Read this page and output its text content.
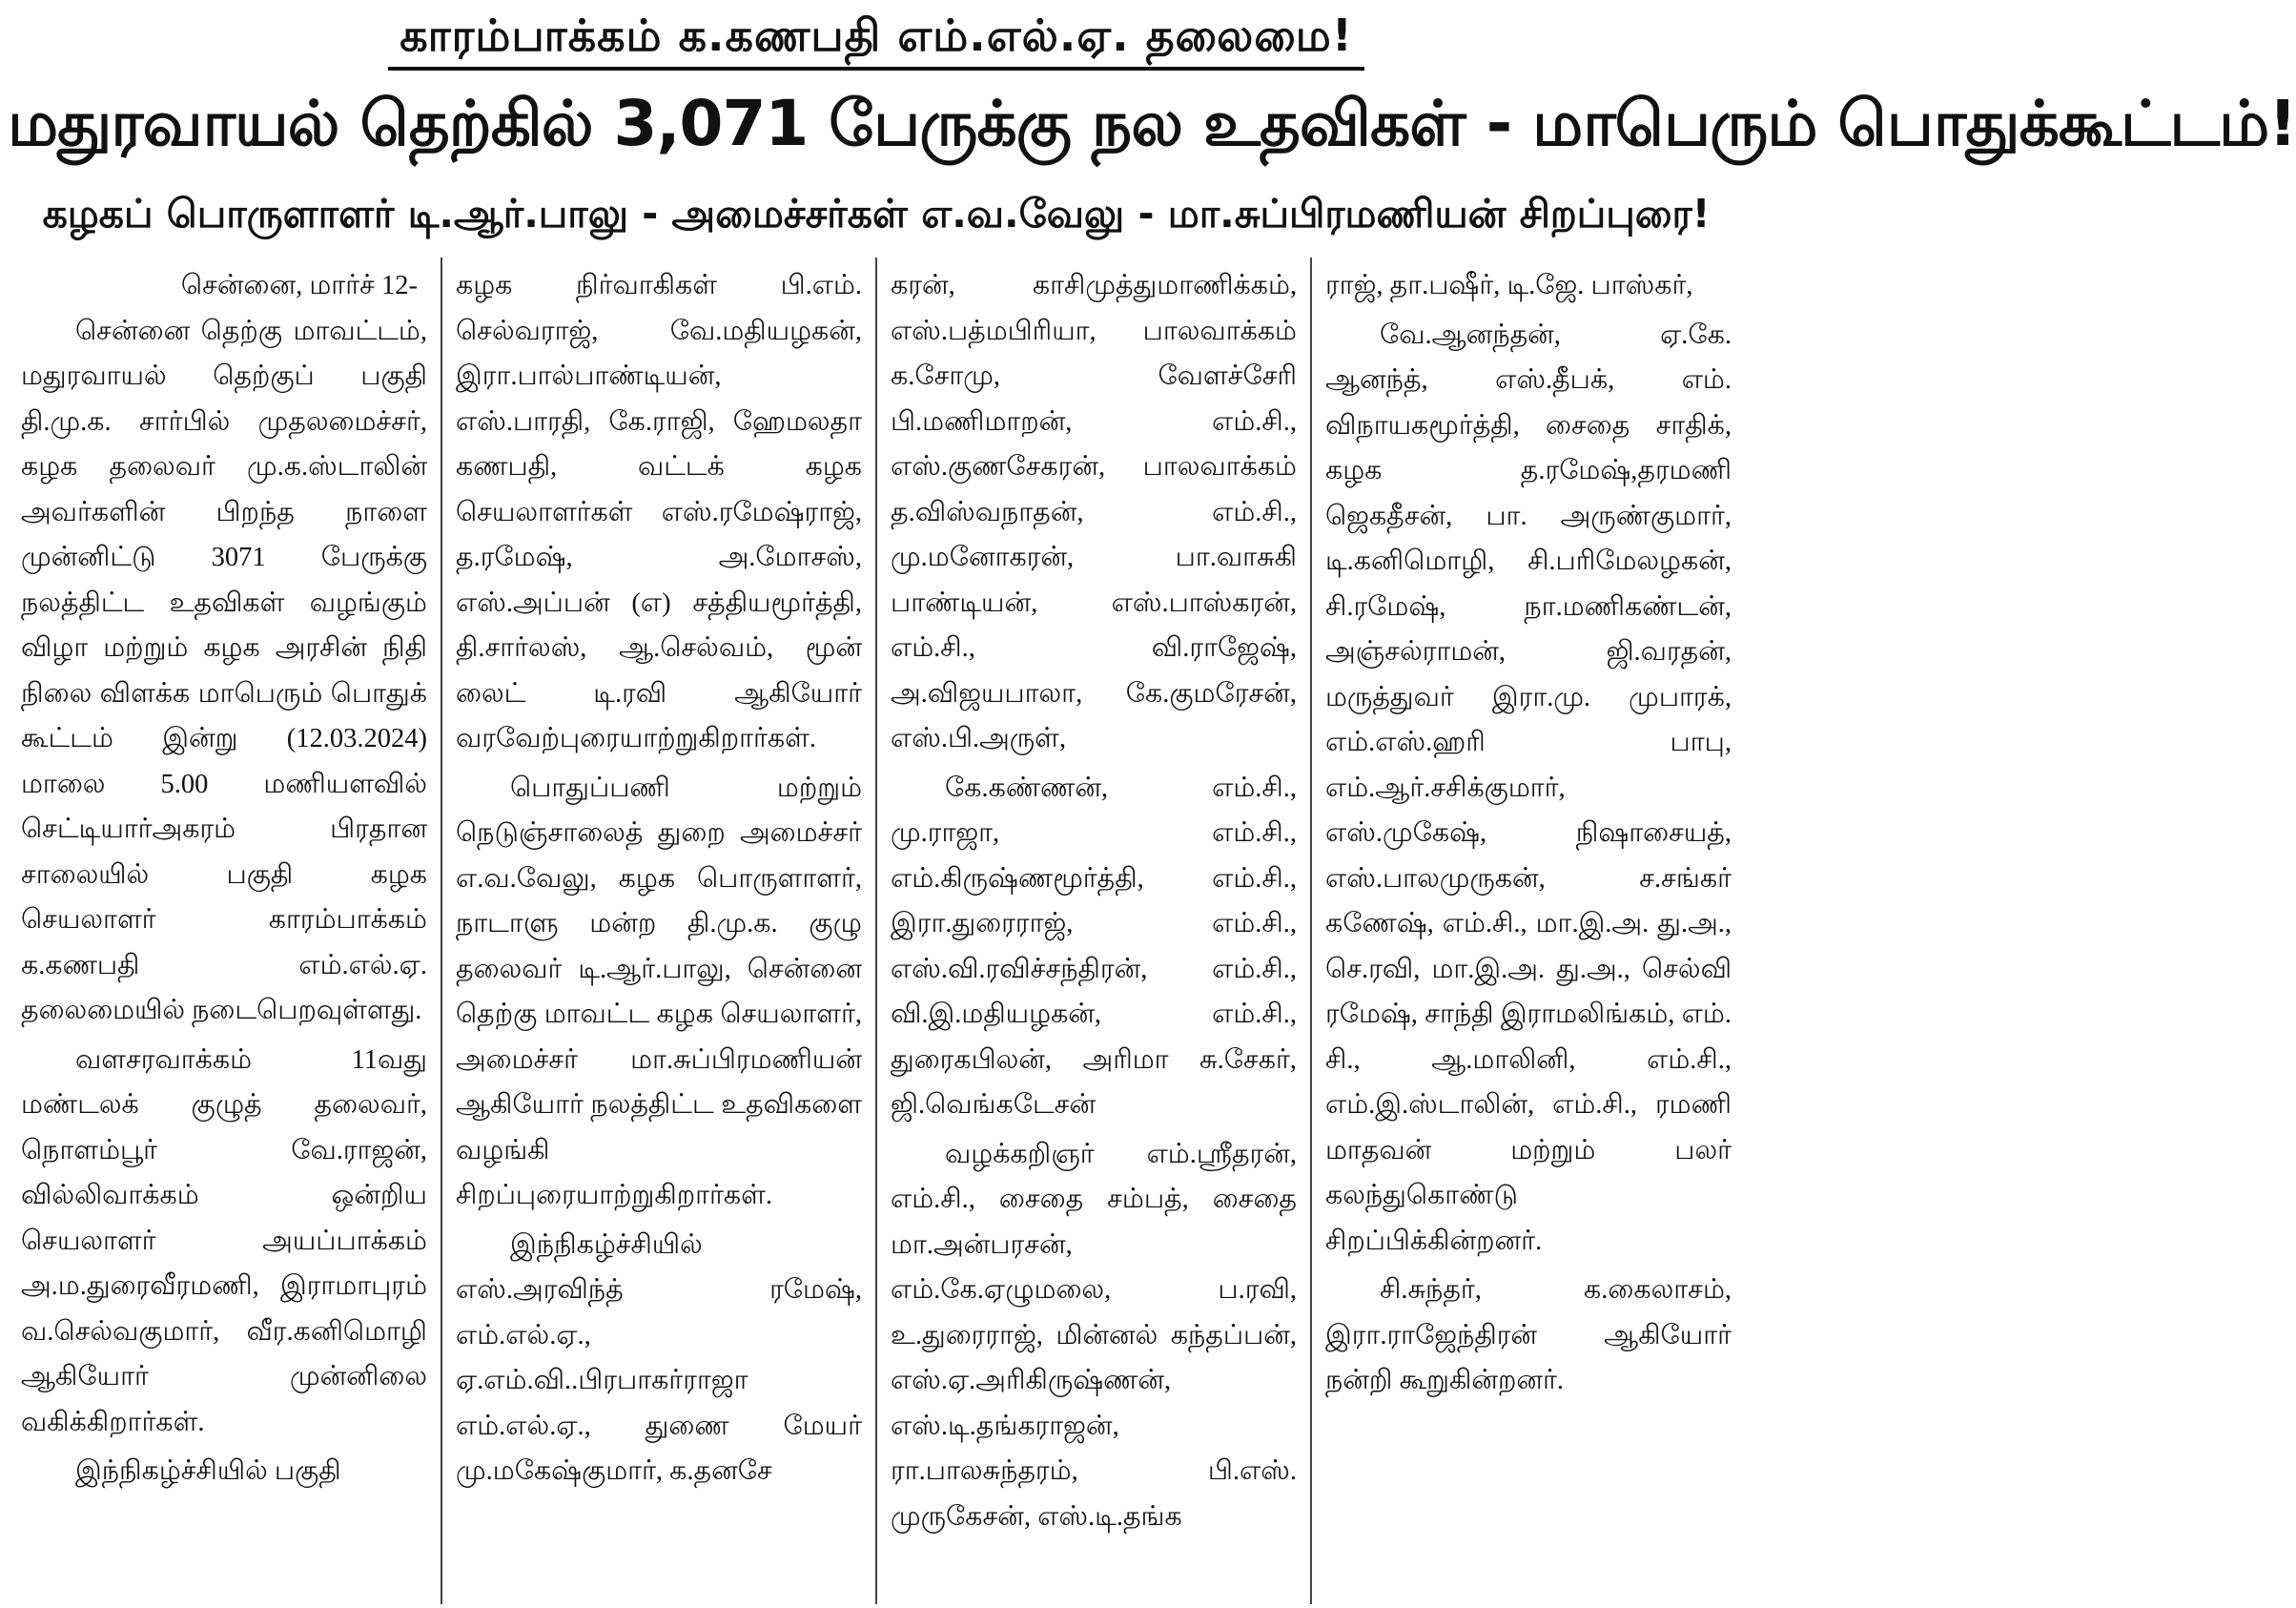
காரம்பாக்கம் க.கணபதி எம்.எல்.ஏ. தலைமை!
மதுரவாயல் தெற்கில் 3,071 பேருக்கு நல உதவிகள் - மாபெரும் பொதுக்கூட்டம்!
கழகப் பொருளாளர் டி.ஆர்.பாலு - அமைச்சர்கள் எ.வ.வேலு - மா.சுப்பிரமணியன் சிறப்புரை!
சென்னை, மார்ச் 12-

சென்னை தெற்கு மாவட்டம், மதுரவாயல் தெற்குப் பகுதி தி.மு.க. சார்பில் முதலமைச்சர், கழக தலைவர் மு.க.ஸ்டாலின் அவர்களின் பிறந்த நாளை முன்னிட்டு 3071 பேருக்கு நலத்திட்ட உதவிகள் வழங்கும் விழா மற்றும் கழக அரசின் நிதி நிலை விளக்க மாபெரும் பொதுக் கூட்டம் இன்று (12.03.2024) மாலை 5.00 மணியளவில் செட்டியார்அகரம் பிரதான சாலையில் பகுதி கழக செயலாளர் காரம்பாக்கம் க.கணபதி எம்.எல்.ஏ. தலைமையில் நடைபெறவுள்ளது.

வளசரவாக்கம் 11வது மண்டலக் குழுத் தலைவர், நொளம்பூர் வே.ராஜன், வில்லிவாக்கம் ஒன்றிய செயலாளர் அயப்பாக்கம் அ.ம.துரைவீரமணி, இராமாபுரம் வ.செல்வகுமார், வீர.கனிமொழி ஆகியோர் முன்னிலை வகிக்கிறார்கள்.

இந்நிகழ்ச்சியில் பகுதி

கழக நிர்வாகிகள் பி.எம். செல்வராஜ், வே.மதியழகன், இரா.பால்பாண்டியன், எஸ்.பாரதி, கே.ராஜி, ஹேமலதா கணபதி, வட்டக் கழக செயலாளர்கள் எஸ்.ரமேஷ்ராஜ், த.ரமேஷ், அ.மோசஸ், எஸ்.அப்பன் (எ) சத்தியமூர்த்தி, தி.சார்லஸ், ஆ.செல்வம், மூன் லைட் டி.ரவி ஆகியோர் வரவேற்புரையாற்றுகிறார்கள்.

பொதுப்பணி மற்றும் நெடுஞ்சாலைத் துறை அமைச்சர் எ.வ.வேலு, கழக பொருளாளர், நாடாளு மன்ற தி.மு.க. குழு தலைவர் டி.ஆர்.பாலு, சென்னை தெற்கு மாவட்ட கழக செயலாளர், அமைச்சர் மா.சுப்பிரமணியன் ஆகியோர் நலத்திட்ட உதவிகளை வழங்கி சிறப்புரையாற்றுகிறார்கள்.

இந்நிகழ்ச்சியில் எஸ்.அரவிந்த் ரமேஷ், எம்.எல்.ஏ., ஏ.எம்.வி..பிரபாகர்ராஜா எம்.எல்.ஏ., துணை மேயர் மு.மகேஷ்குமார், க.தனசே

கரன், காசிமுத்துமாணிக்கம், எஸ்.பத்மபிரியா, பாலவாக்கம் க.சோமு, வேளச்சேரி பி.மணிமாறன், எம்.சி., எஸ்.குணசேகரன், பாலவாக்கம் த.விஸ்வநாதன், எம்.சி., மு.மனோகரன், பா.வாசுகி பாண்டியன், எஸ்.பாஸ்கரன், எம்.சி., வி.ராஜேஷ், அ.விஜயபாலா, கே.குமரேசன், எஸ்.பி.அருள்,

கே.கண்ணன், எம்.சி., மு.ராஜா, எம்.சி., எம்.கிருஷ்ணமூர்த்தி, எம்.சி., இரா.துரைராஜ், எம்.சி., எஸ்.வி.ரவிச்சந்திரன், எம்.சி., வி.இ.மதியழகன், எம்.சி., துரைகபிலன், அரிமா சு.சேகர், ஜி.வெங்கடேசன்

வழக்கறிஞர் எம்.ஸ்ரீதரன், எம்.சி., சைதை சம்பத், சைதை மா.அன்பரசன், எம்.கே.ஏழுமலை, ப.ரவி, உ.துரைராஜ், மின்னல் கந்தப்பன், எஸ்.ஏ.அரிகிருஷ்ணன், எஸ்.டி.தங்கராஜன், ரா.பாலசுந்தரம், பி.எஸ். முருகேசன், எஸ்.டி.தங்க

ராஜ், தா.பஷீர், டி.ஜே. பாஸ்கர்,

வே.ஆனந்தன், ஏ.கே. ஆனந்த், எஸ்.தீபக், எம். விநாயகமூர்த்தி, சைதை சாதிக், கழக த.ரமேஷ்,தரமணி ஜெகதீசன், பா. அருண்குமார், டி.கனிமொழி, சி.பரிமேலழகன், சி.ரமேஷ், நா.மணிகண்டன், அஞ்சல்ராமன், ஜி.வரதன், மருத்துவர் இரா.மு. முபாரக், எம்.எஸ்.ஹரி பாபு, எம்.ஆர்.சசிக்குமார், எஸ்.முகேஷ், நிஷாசையத், எஸ்.பாலமுருகன், ச.சங்கர் கணேஷ், எம்.சி., மா.இ.அ. து.அ., செ.ரவி, மா.இ.அ. து.அ., செல்வி ரமேஷ், சாந்தி இராமலிங்கம், எம். சி., ஆ.மாலினி, எம்.சி., எம்.இ.ஸ்டாலின், எம்.சி., ரமணி மாதவன் மற்றும் பலர் கலந்துகொண்டு சிறப்பிக்கின்றனர்.

சி.சுந்தர், க.கைலாசம், இரா.ராஜேந்திரன் ஆகியோர் நன்றி கூறுகின்றனர்.
